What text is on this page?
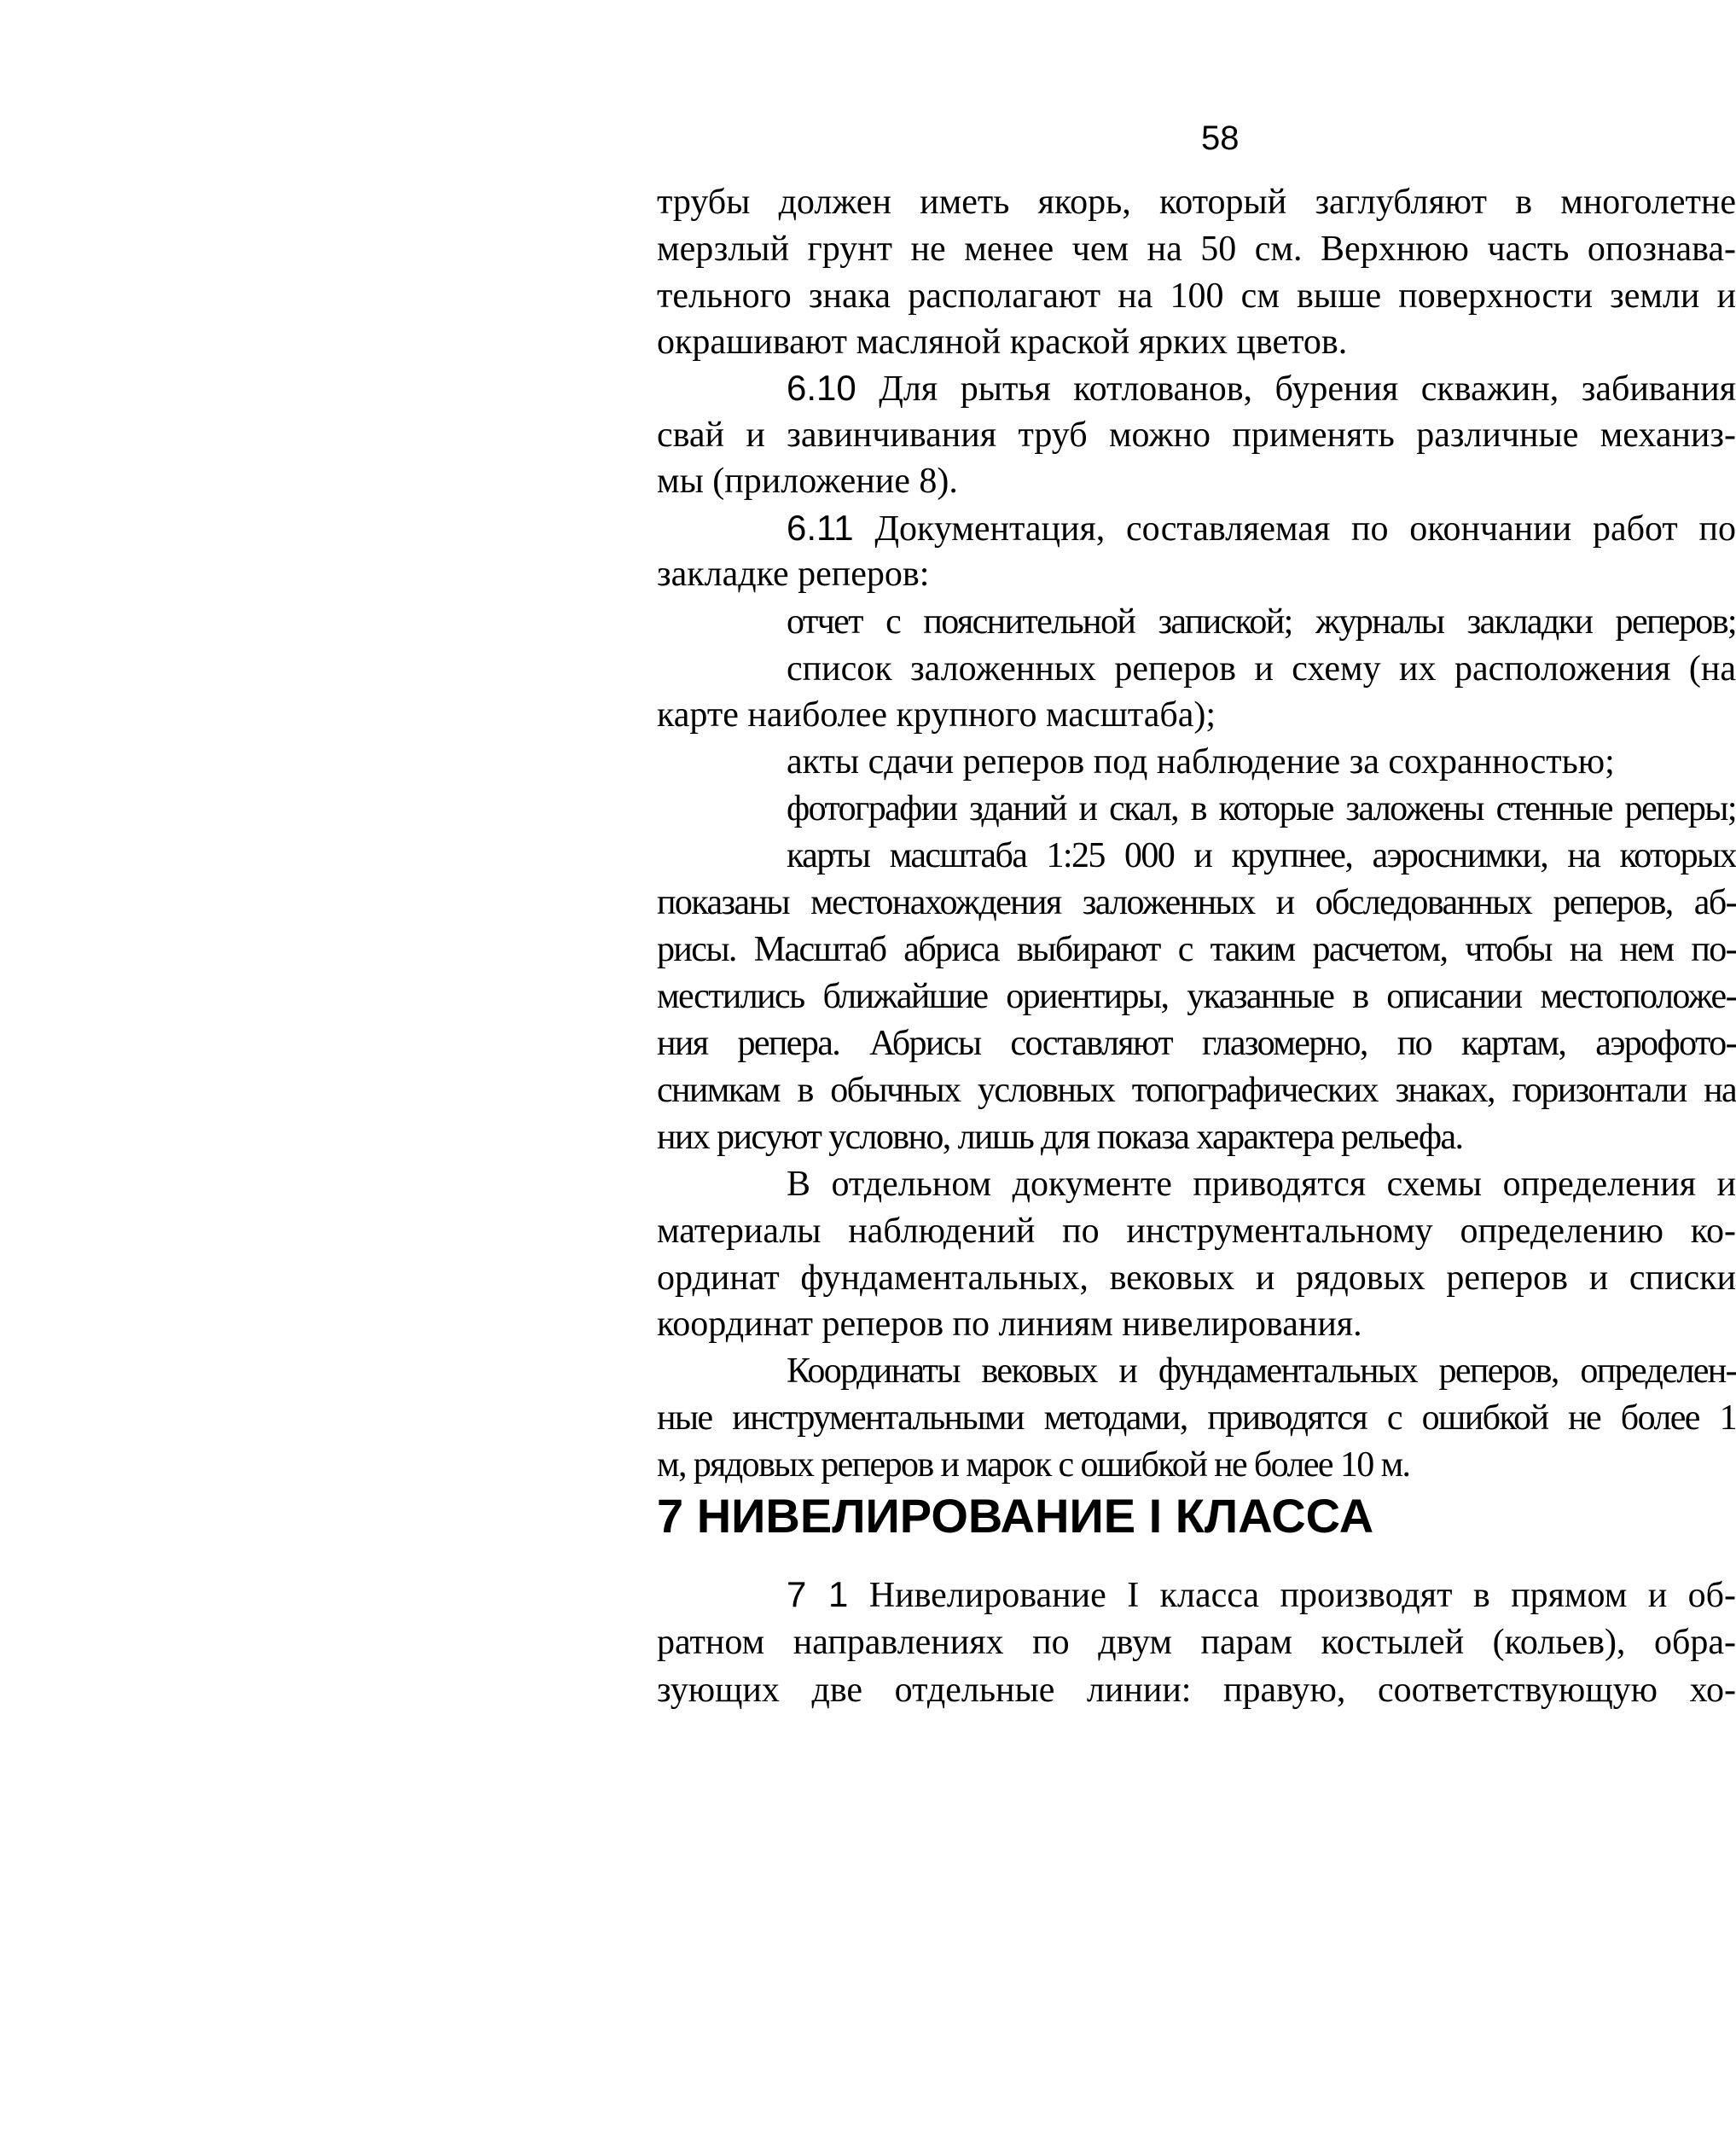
58
трубы должен иметь якорь, который заглубляют в многолетне
мерзлый грунт не менее чем на 50 см. Верхнюю часть опознава-
тельного знака располагают на 100 см выше поверхности земли и
окрашивают масляной краской ярких цветов.
6.10 Для рытья котлованов, бурения скважин, забивания
свай и завинчивания труб можно применять различные механиз-
мы (приложение 8).
6.11 Документация, составляемая по окончании работ по
закладке реперов:
отчет с пояснительной запиской; журналы закладки реперов;
список заложенных реперов и схему их расположения (на
карте наиболее крупного масштаба);
акты сдачи реперов под наблюдение за сохранностью;
фотографии зданий и скал, в которые заложены стенные реперы;
карты масштаба 1:25 000 и крупнее, аэроснимки, на которых
показаны местонахождения заложенных и обследованных реперов, аб-
рисы. Масштаб абриса выбирают с таким расчетом, чтобы на нем по-
местились ближайшие ориентиры, указанные в описании местоположе-
ния репера. Абрисы составляют глазомерно, по картам, аэрофото-
снимкам в обычных условных топографических знаках, горизонтали на
них рисуют условно, лишь для показа характера рельефа.
В отдельном документе приводятся схемы определения и
материалы наблюдений по инструментальному определению ко-
ординат фундаментальных, вековых и рядовых реперов и списки
координат реперов по линиям нивелирования.
Координаты вековых и фундаментальных реперов, определен-
ные инструментальными методами, приводятся с ошибкой не более 1
м, рядовых реперов и марок с ошибкой не более 10 м.
7 НИВЕЛИРОВАНИЕ I КЛАССА
7 1 Нивелирование I класса производят в прямом и об-
ратном направлениях по двум парам костылей (кольев), обра-
зующих две отдельные линии: правую, соответствующую хо-
